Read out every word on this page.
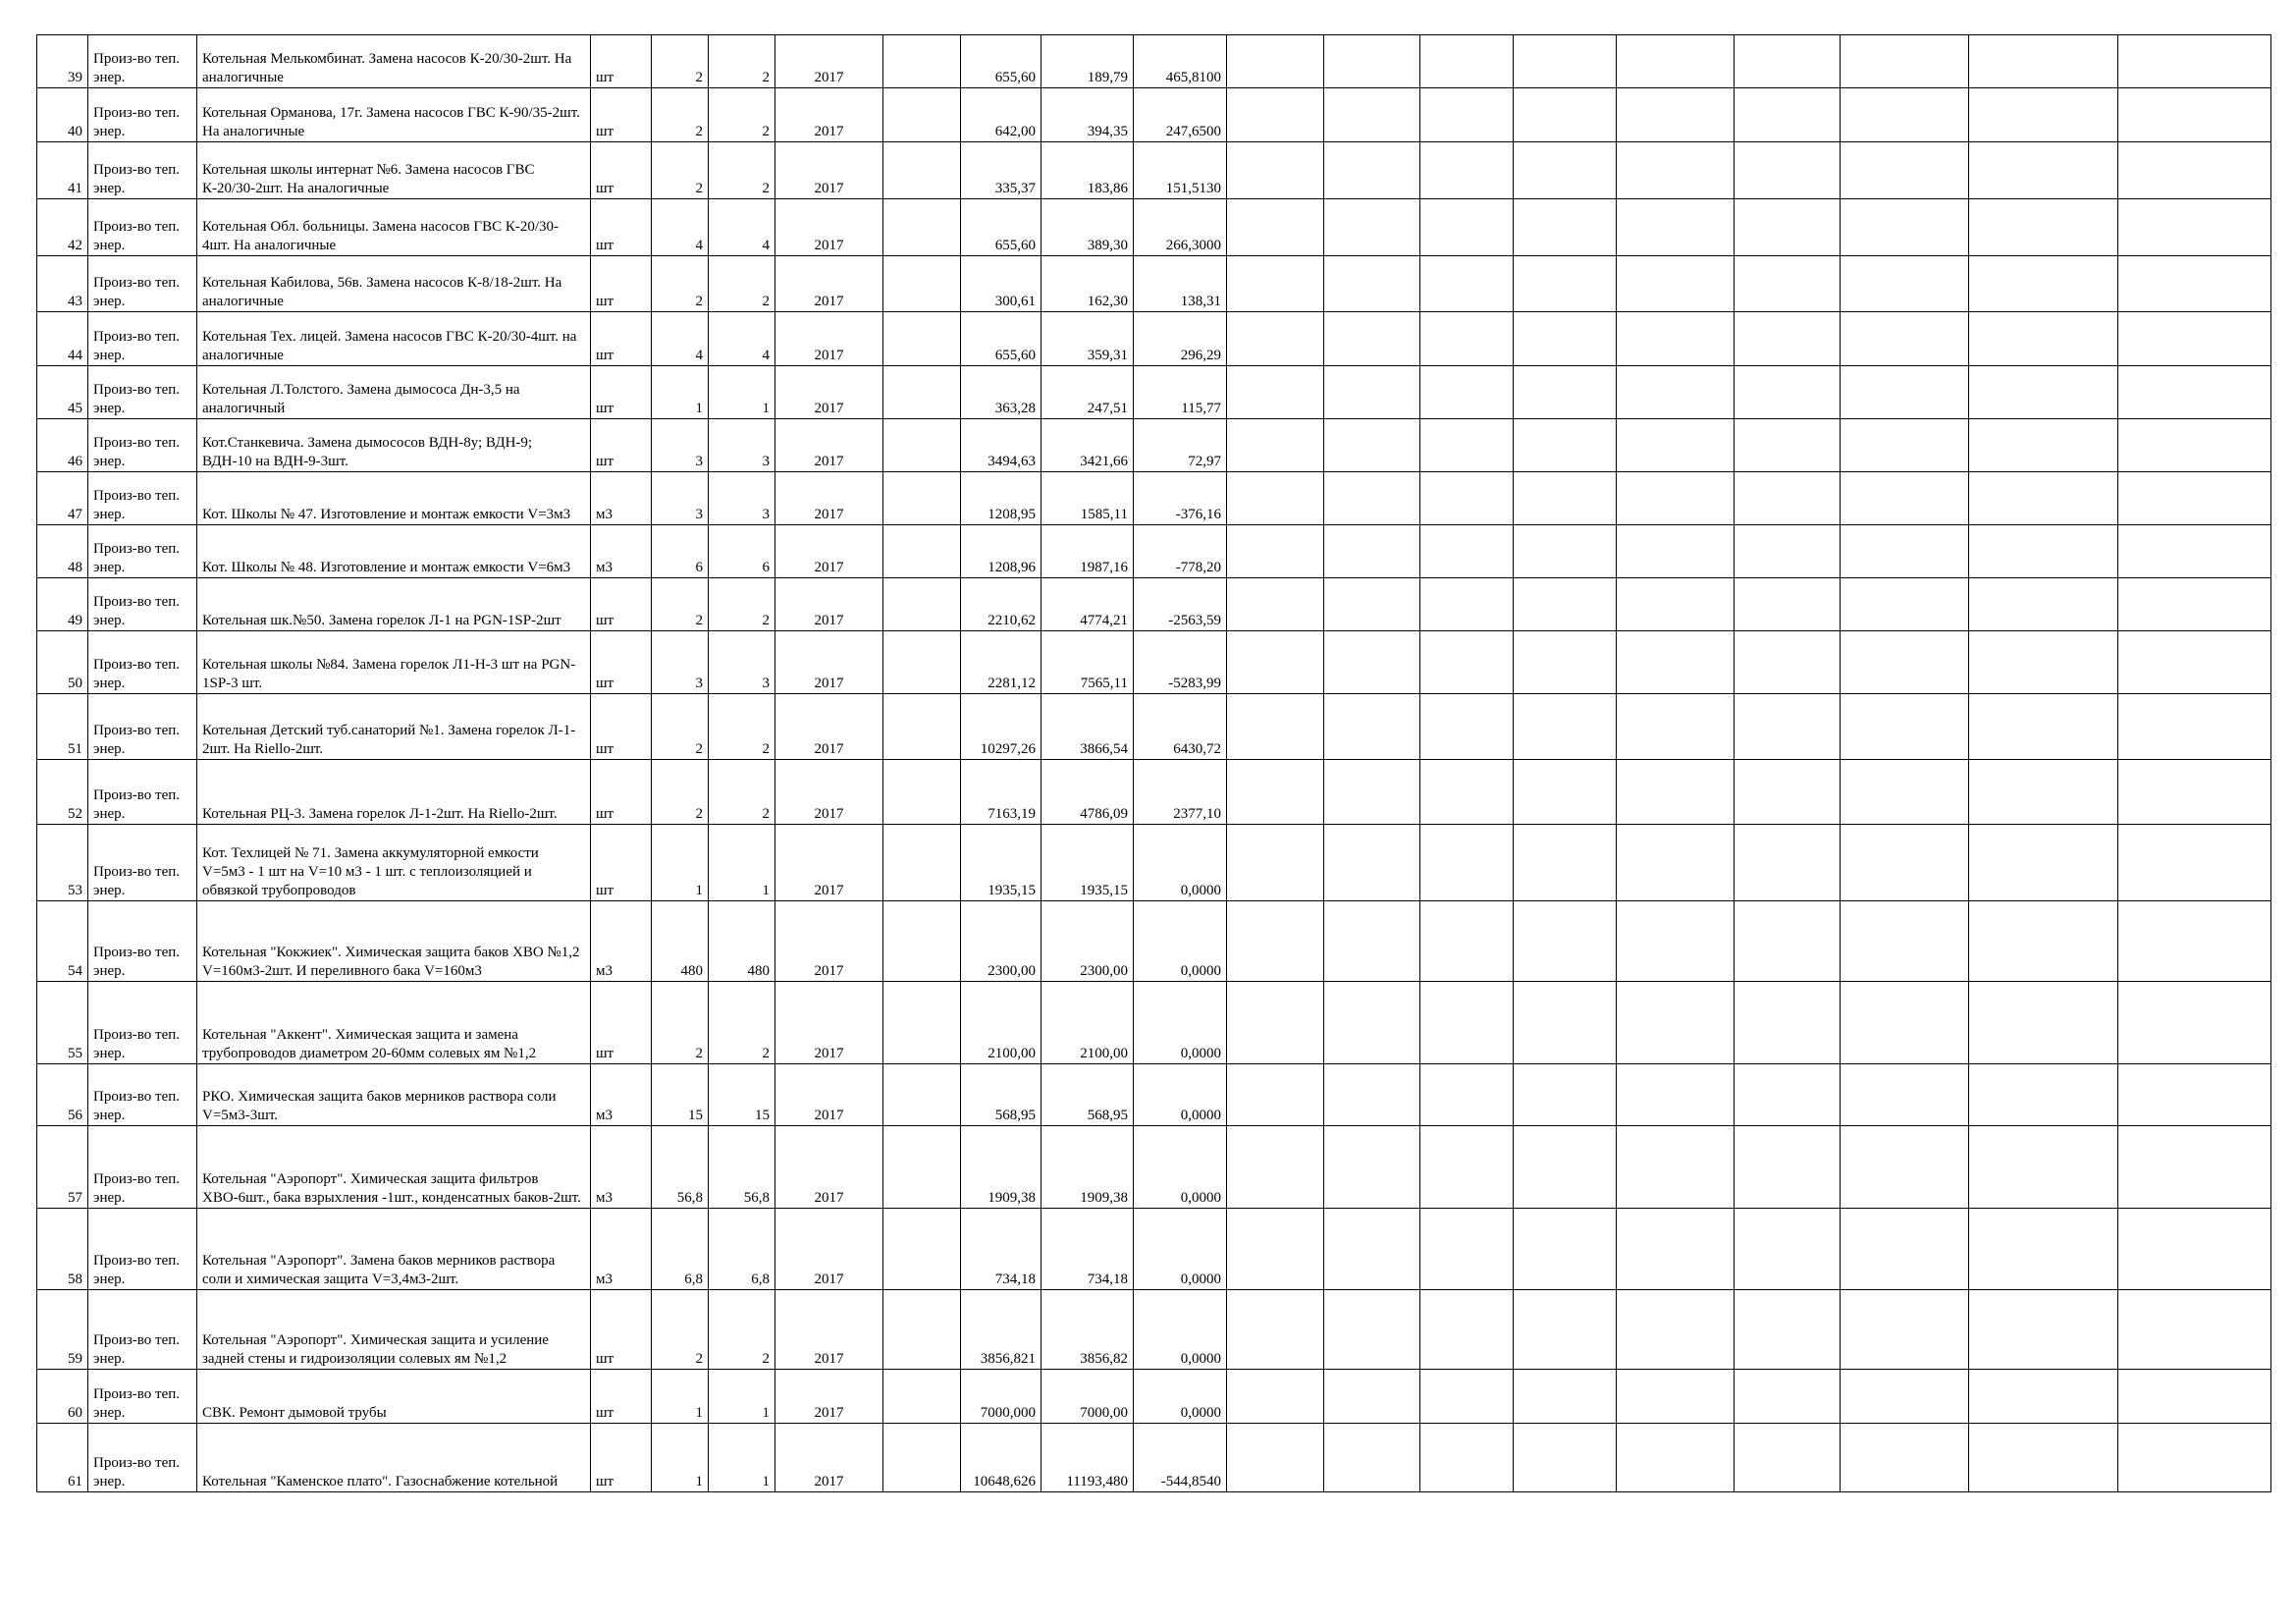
39	Произ-во теп. энер.	Котельная Мелькомбинат. Замена насосов К-20/30-2шт. На аналогичные	шт	2	2	2017		655,60	189,79	465,8100									
40	Произ-во теп. энер.	Котельная Орманова, 17г. Замена насосов ГВС К-90/35-2шт. На аналогичные	шт	2	2	2017		642,00	394,35	247,6500									
41	Произ-во теп. энер.	Котельная школы интернат №6. Замена насосов ГВС К-20/30-2шт. На аналогичные	шт	2	2	2017		335,37	183,86	151,5130									
42	Произ-во теп. энер.	Котельная Обл. больницы. Замена насосов ГВС К-20/30-4шт. На аналогичные	шт	4	4	2017		655,60	389,30	266,3000									
43	Произ-во теп. энер.	Котельная Кабилова, 56в. Замена насосов К-8/18-2шт. На аналогичные	шт	2	2	2017		300,61	162,30	138,31									
44	Произ-во теп. энер.	Котельная Тех. лицей. Замена насосов ГВС К-20/30-4шт. на аналогичные	шт	4	4	2017		655,60	359,31	296,29									
45	Произ-во теп. энер.	Котельная Л.Толстого. Замена дымососа Дн-3,5 на аналогичный	шт	1	1	2017		363,28	247,51	115,77									
46	Произ-во теп. энер.	Кот.Станкевича. Замена дымососов ВДН-8у; ВДН-9; ВДН-10 на ВДН-9-3шт.	шт	3	3	2017		3494,63	3421,66	72,97									
47	Произ-во теп. энер.	Кот. Школы № 47. Изготовление и монтаж емкости V=3м3	м3	3	3	2017		1208,95	1585,11	-376,16									
48	Произ-во теп. энер.	Кот. Школы № 48. Изготовление и монтаж емкости V=6м3	м3	6	6	2017		1208,96	1987,16	-778,20									
49	Произ-во теп. энер.	Котельная шк.№50. Замена горелок Л-1 на PGN-1SP-2шт	шт	2	2	2017		2210,62	4774,21	-2563,59									
50	Произ-во теп. энер.	Котельная школы №84. Замена горелок Л1-Н-3 шт на PGN-1SP-3 шт.	шт	3	3	2017		2281,12	7565,11	-5283,99									
51	Произ-во теп. энер.	Котельная Детский туб.санаторий №1. Замена горелок Л-1-2шт. На Riello-2шт.	шт	2	2	2017		10297,26	3866,54	6430,72									
52	Произ-во теп. энер.	Котельная РЦ-3. Замена горелок Л-1-2шт. На Riello-2шт.	шт	2	2	2017		7163,19	4786,09	2377,10									
53	Произ-во теп. энер.	Кот. Техлицей № 71. Замена аккумуляторной емкости V=5м3 - 1 шт на V=10 м3 - 1 шт. с теплоизоляцией и обвязкой трубопроводов	шт	1	1	2017		1935,15	1935,15	0,0000									
54	Произ-во теп. энер.	Котельная "Кокжиек". Химическая защита баков ХВО №1,2 V=160м3-2шт. И переливного бака V=160м3	м3	480	480	2017		2300,00	2300,00	0,0000									
55	Произ-во теп. энер.	Котельная "Аккент". Химическая защита и замена трубопроводов диаметром 20-60мм солевых ям №1,2	шт	2	2	2017		2100,00	2100,00	0,0000									
56	Произ-во теп. энер.	РКО. Химическая защита баков мерников раствора соли V=5м3-3шт.	м3	15	15	2017		568,95	568,95	0,0000									
57	Произ-во теп. энер.	Котельная "Аэропорт". Химическая защита фильтров ХВО-6шт., бака взрыхления -1шт., конденсатных баков-2шт.	м3	56,8	56,8	2017		1909,38	1909,38	0,0000									
58	Произ-во теп. энер.	Котельная "Аэропорт". Замена баков мерников раствора соли и химическая защита V=3,4м3-2шт.	м3	6,8	6,8	2017		734,18	734,18	0,0000									
59	Произ-во теп. энер.	Котельная "Аэропорт". Химическая защита и усиление задней стены и гидроизоляции солевых ям №1,2	шт	2	2	2017		3856,821	3856,82	0,0000									
60	Произ-во теп. энер.	СВК. Ремонт дымовой трубы	шт	1	1	2017		7000,000	7000,00	0,0000									
61	Произ-во теп. энер.	Котельная "Каменское плато". Газоснабжение котельной	шт	1	1	2017		10648,626	11193,480	-544,8540									
